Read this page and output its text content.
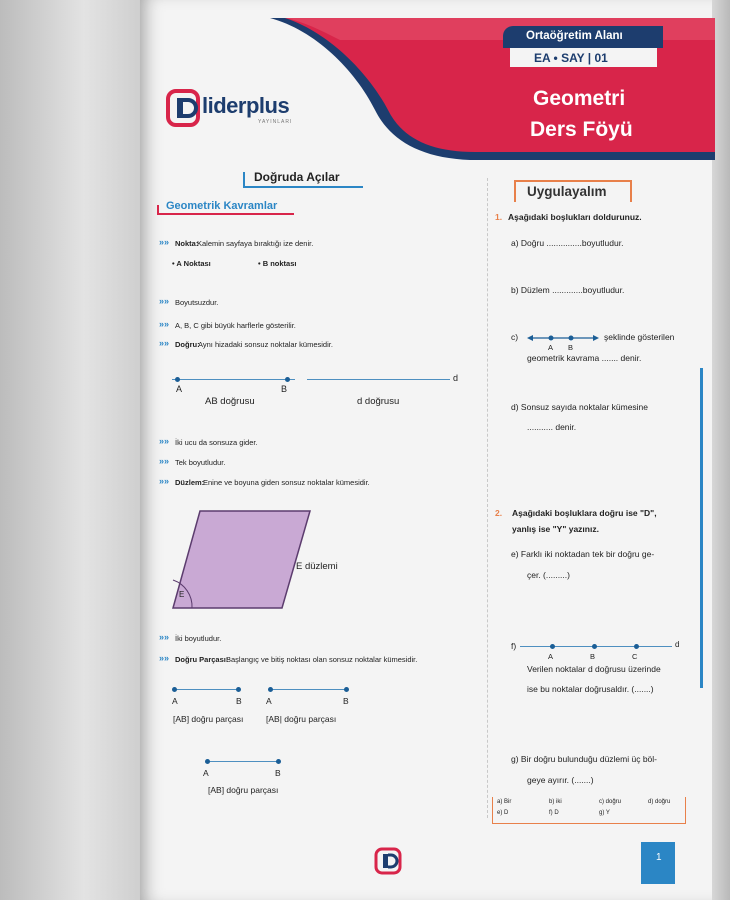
Ortaöğretim Alanı
EA • SAY | 01
Geometri
Ders Föyü
liderplus
YAYINLARI
Doğruda Açılar
Geometrik Kavramlar
»» Nokta:
Kalemin sayfaya bıraktığı ize denir.
• A Noktası	• B noktası
»» Boyutsuzdur.
»» A, B, C gibi büyük harflerle gösterilir.
»» Doğru:
Aynı hizadaki sonsuz noktalar kümesidir.
A	B
AB doğrusu
d
d doğrusu
»» İki ucu da sonsuza gider.
»» Tek boyutludur.
»» Düzlem:
Enine ve boyuna giden sonsuz noktalar kümesidir.
E
E düzlemi
»» İki boyutludur.
»» Doğru Parçası:
Başlangıç ve bitiş noktası olan sonsuz noktalar kümesidir.
A	B
[AB] doğru parçası
A	B
[AB| doğru parçası
A	B
[AB] doğru parçası
Uygulayalım
1. Aşağıdaki boşlukları doldurunuz.
a) Doğru ...............boyutludur.
b) Düzlem .............boyutludur.
c)
A B
şeklinde gösterilen
geometrik kavrama ....... denir.
d) Sonsuz sayıda noktalar kümesine
........... denir.
2. Aşağıdaki boşluklara doğru ise "D",
yanlış ise "Y" yazınız.
e) Farklı iki noktadan tek bir doğru ge-
çer. (.........)
f)	d
A	B	C
Verilen noktalar d doğrusu üzerinde
ise bu noktalar doğrusaldır. (.......)
g) Bir doğru bulunduğu düzlemi üç böl-
geye ayırır. (.......)
a) Bir	b) iki	c) doğru	d) doğru
e) D	f) D	g) Y
1
